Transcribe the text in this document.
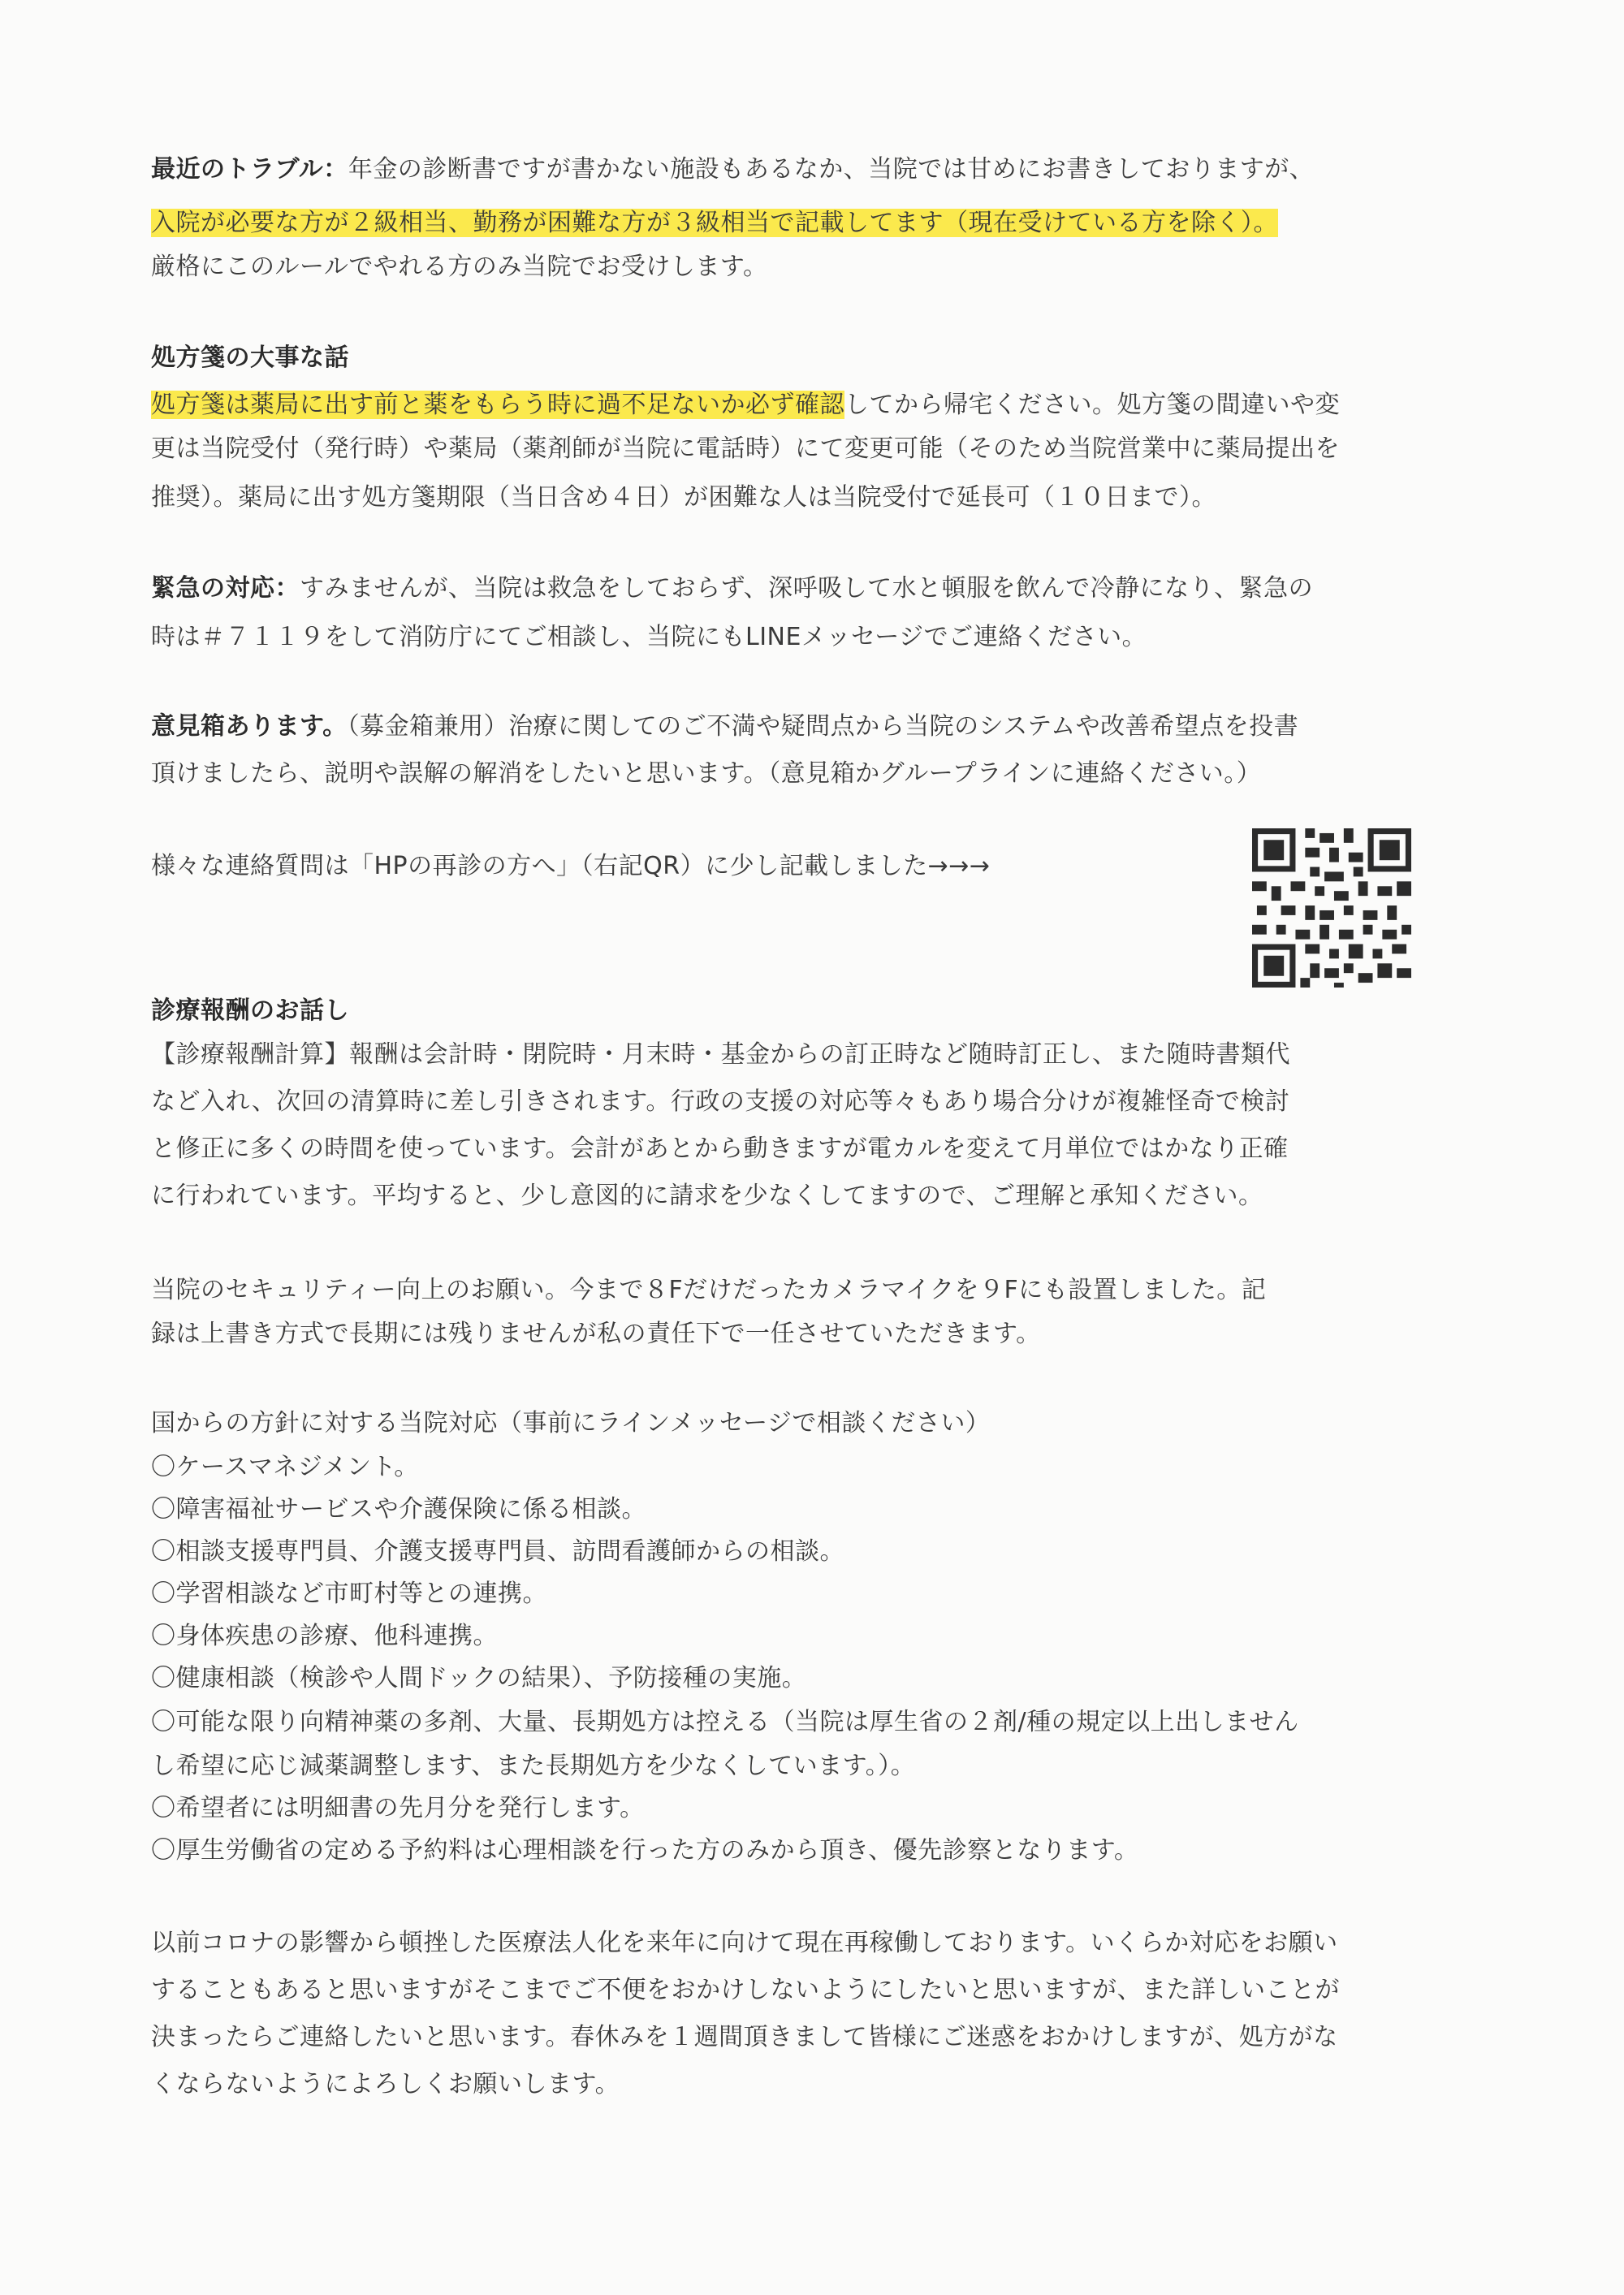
最近のトラブル：年金の診断書ですが書かない施設もあるなか、当院では甘めにお書きしておりますが、
入院が必要な方が２級相当、勤務が困難な方が３級相当で記載してます（現在受けている方を除く）。
厳格にこのルールでやれる方のみ当院でお受けします。
処方箋の大事な話
処方箋は薬局に出す前と薬をもらう時に過不足ないか必ず確認してから帰宅ください。処方箋の間違いや変
更は当院受付（発行時）や薬局（薬剤師が当院に電話時）にて変更可能（そのため当院営業中に薬局提出を
推奨）。薬局に出す処方箋期限（当日含め４日）が困難な人は当院受付で延長可（１０日まで）。
緊急の対応：すみませんが、当院は救急をしておらず、深呼吸して水と頓服を飲んで冷静になり、緊急の
時は＃７１１９をして消防庁にてご相談し、当院にもLINEメッセージでご連絡ください。
意見箱あります。（募金箱兼用）治療に関してのご不満や疑問点から当院のシステムや改善希望点を投書
頂けましたら、説明や誤解の解消をしたいと思います。（意見箱かグループラインに連絡ください。）
様々な連絡質問は「HPの再診の方へ」（右記QR）に少し記載しました→→→
診療報酬のお話し
【診療報酬計算】報酬は会計時・閉院時・月末時・基金からの訂正時など随時訂正し、また随時書類代
など入れ、次回の清算時に差し引きされます。行政の支援の対応等々もあり場合分けが複雑怪奇で検討
と修正に多くの時間を使っています。会計があとから動きますが電カルを変えて月単位ではかなり正確
に行われています。平均すると、少し意図的に請求を少なくしてますので、ご理解と承知ください。
当院のセキュリティー向上のお願い。今まで８Fだけだったカメラマイクを９Fにも設置しました。記
録は上書き方式で長期には残りませんが私の責任下で一任させていただきます。
国からの方針に対する当院対応（事前にラインメッセージで相談ください）
〇ケースマネジメント。
〇障害福祉サービスや介護保険に係る相談。
〇相談支援専門員、介護支援専門員、訪問看護師からの相談。
〇学習相談など市町村等との連携。
〇身体疾患の診療、他科連携。
〇健康相談（検診や人間ドックの結果）、予防接種の実施。
〇可能な限り向精神薬の多剤、大量、長期処方は控える（当院は厚生省の２剤/種の規定以上出しません
し希望に応じ減薬調整します、また長期処方を少なくしています。）。
〇希望者には明細書の先月分を発行します。
〇厚生労働省の定める予約料は心理相談を行った方のみから頂き、優先診察となります。
以前コロナの影響から頓挫した医療法人化を来年に向けて現在再稼働しております。いくらか対応をお願い
することもあると思いますがそこまでご不便をおかけしないようにしたいと思いますが、また詳しいことが
決まったらご連絡したいと思います。春休みを１週間頂きまして皆様にご迷惑をおかけしますが、処方がな
くならないようによろしくお願いします。
